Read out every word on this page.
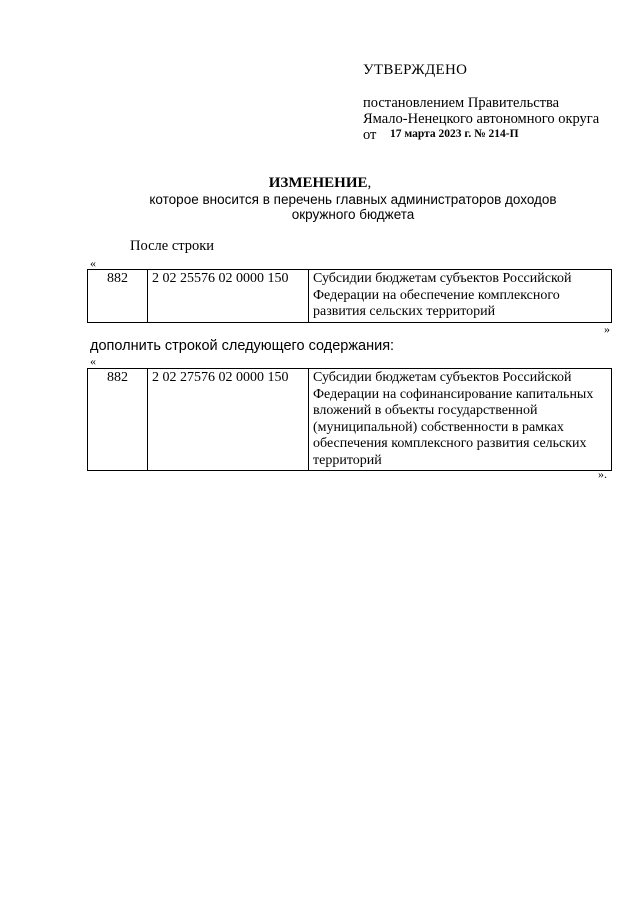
УТВЕРЖДЕНО
постановлением Правительства
Ямало-Ненецкого автономного округа
от 17 марта 2023 г. № 214-П
ИЗМЕНЕНИЕ,
которое вносится в перечень главных администраторов доходов
окружного бюджета
После строки
«
882	2 02 25576 02 0000 150	Субсидии бюджетам субъектов Российской Федерации на обеспечение комплексного развития сельских территорий
»
дополнить строкой следующего содержания:
«
882	2 02 27576 02 0000 150	Субсидии бюджетам субъектов Российской Федерации на софинансирование капитальных вложений в объекты государственной (муниципальной) собственности в рамках обеспечения комплексного развития сельских территорий
».
